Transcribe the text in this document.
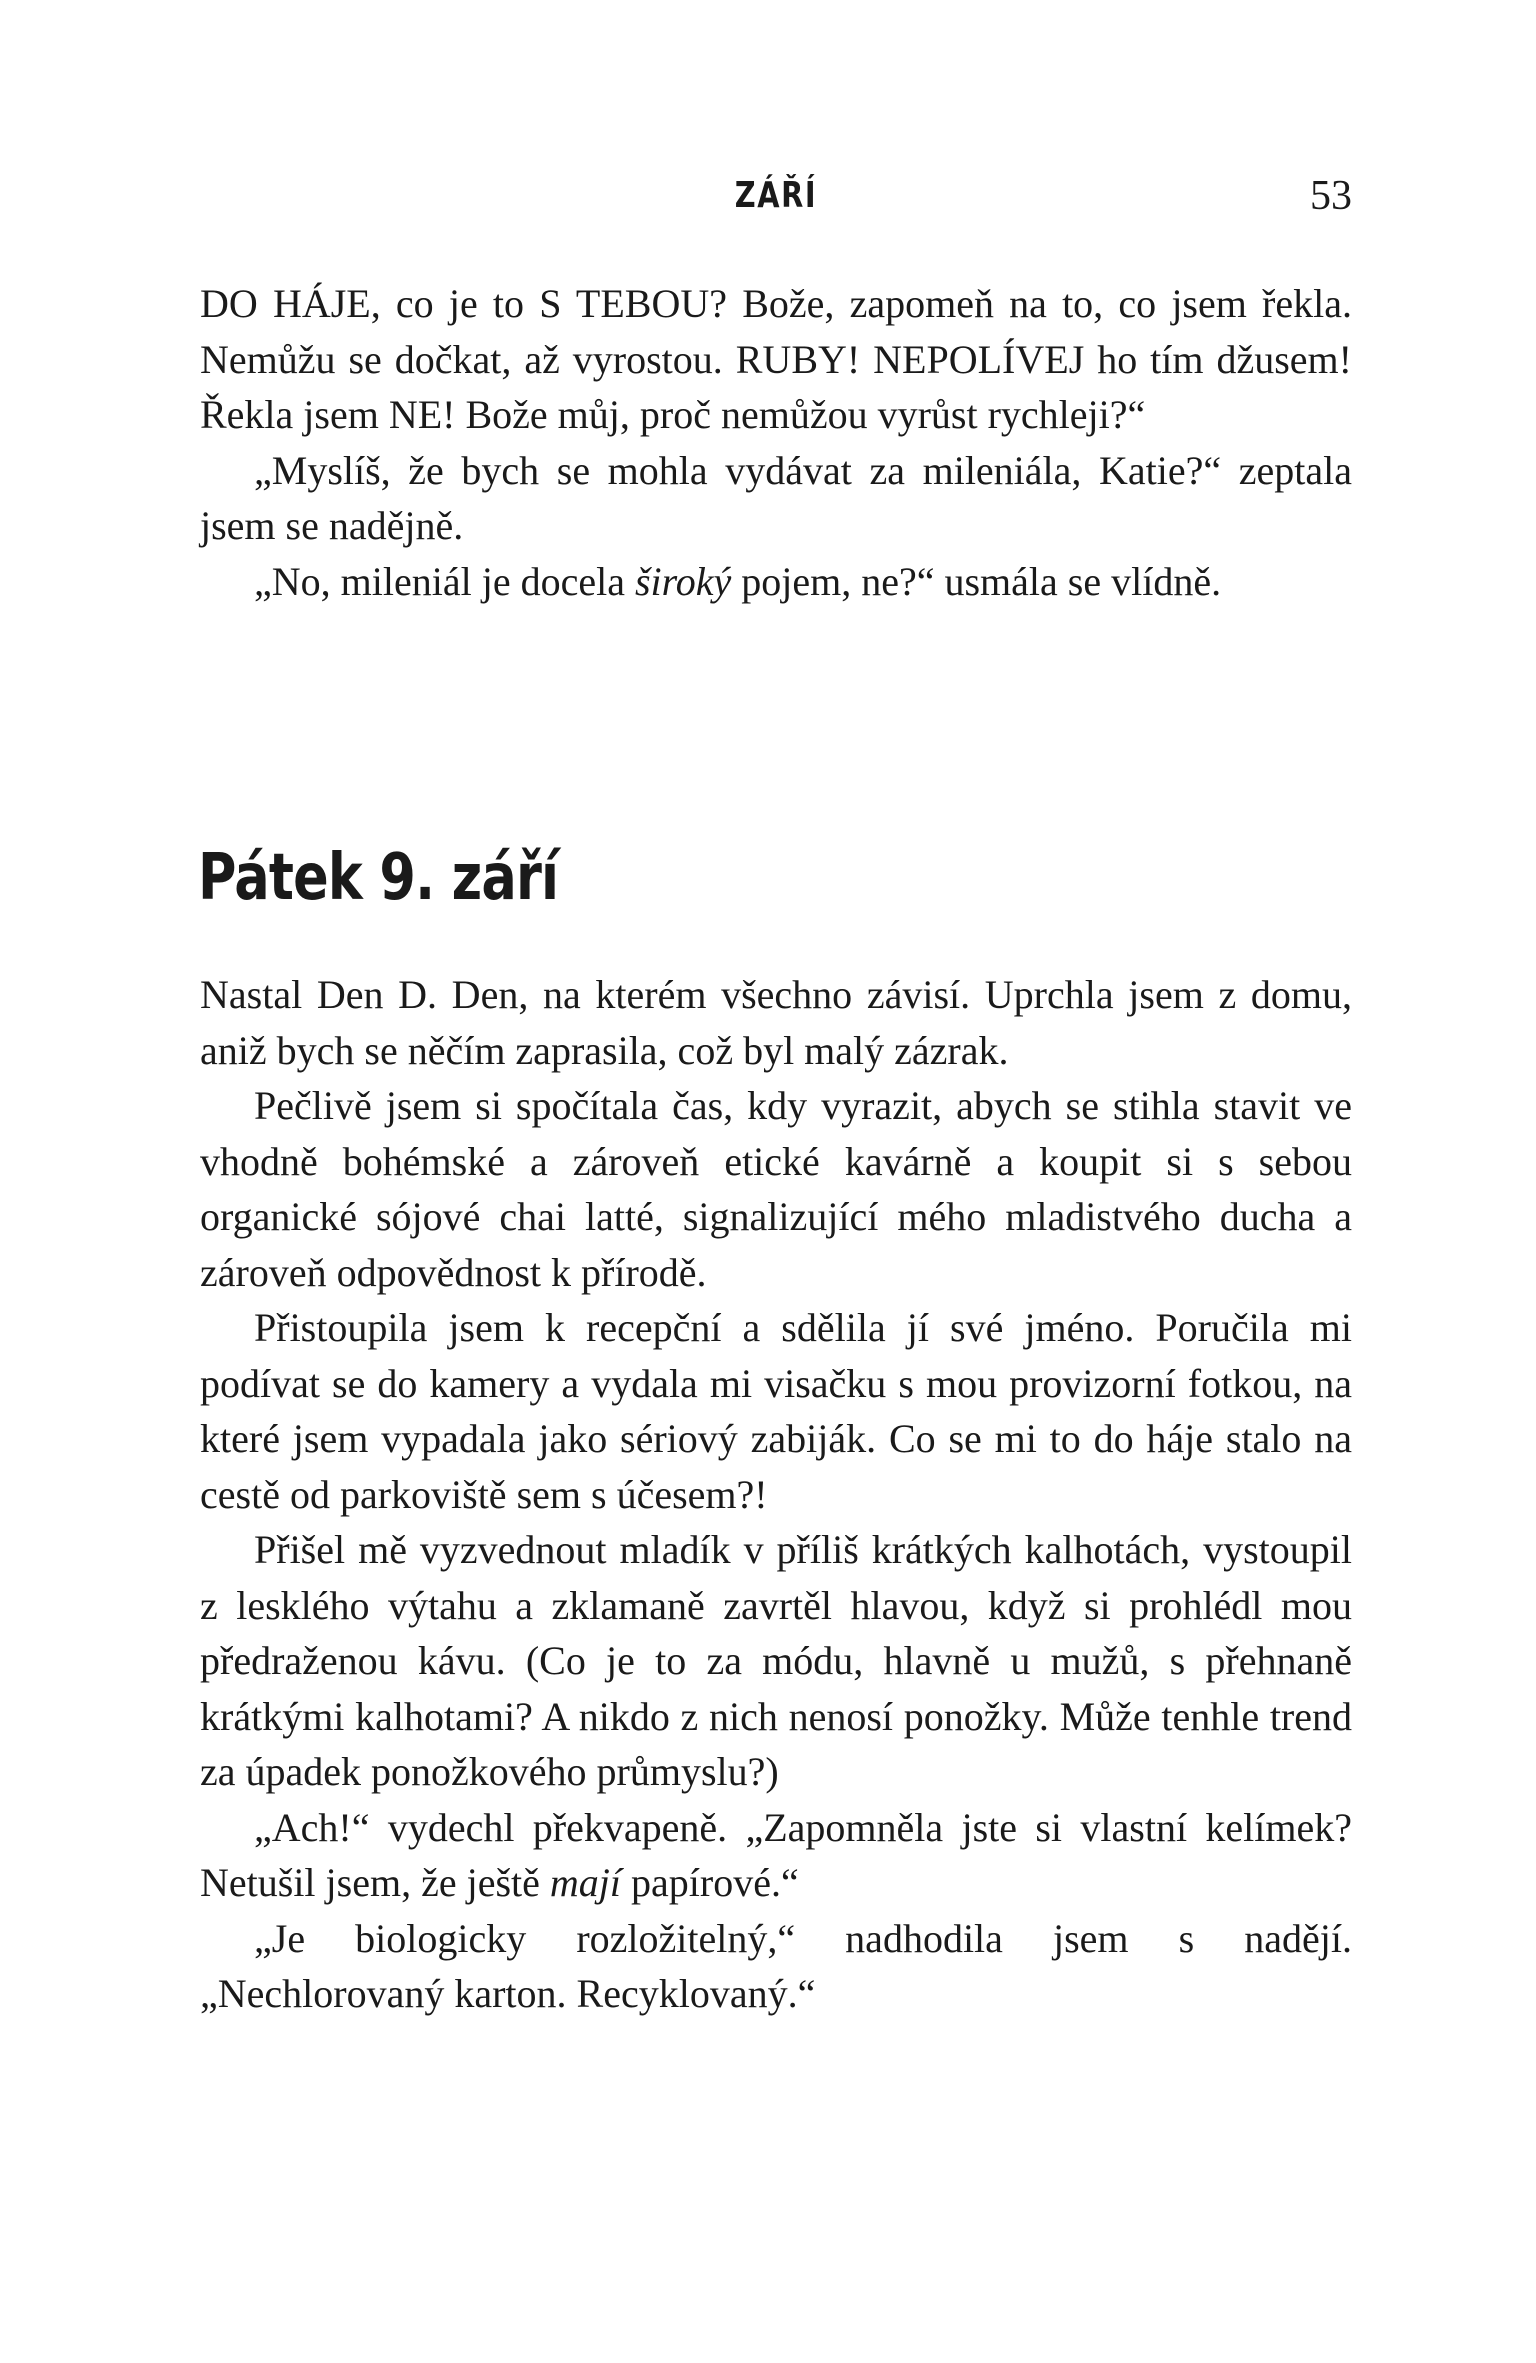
ZÁŘÍ	53

DO HÁJE, co je to S TEBOU? Bože, zapomeň na to, co jsem řekla. Nemůžu se dočkat, až vyrostou. RUBY! NEPOLÍVEJ ho tím džusem! Řekla jsem NE! Bože můj, proč nemůžou vyrůst rychleji?“

„Myslíš, že bych se mohla vydávat za mileniála, Katie?“ zeptala jsem se nadějně.

„No, mileniál je docela široký pojem, ne?“ usmála se vlídně.

Pátek 9. září

Nastal Den D. Den, na kterém všechno závisí. Uprchla jsem z domu, aniž bych se něčím zaprasila, což byl malý zázrak.

Pečlivě jsem si spočítala čas, kdy vyrazit, abych se stihla stavit ve vhodně bohémské a zároveň etické kavárně a koupit si s sebou organické sójové chai latté, signalizující mého mladistvého ducha a zároveň odpovědnost k přírodě.

Přistoupila jsem k recepční a sdělila jí své jméno. Poručila mi podívat se do kamery a vydala mi visačku s mou provizorní fotkou, na které jsem vypadala jako sériový zabiják. Co se mi to do háje stalo na cestě od parkoviště sem s účesem?!

Přišel mě vyzvednout mladík v příliš krátkých kalhotách, vystoupil z lesklého výtahu a zklamaně zavrtěl hlavou, když si prohlédl mou předraženou kávu. (Co je to za módu, hlavně u mužů, s přehnaně krátkými kalhotami? A nikdo z nich nenosí ponožky. Může tenhle trend za úpadek ponožkového průmyslu?)

„Ach!“ vydechl překvapeně. „Zapomněla jste si vlastní kelímek? Netušil jsem, že ještě mají papírové.“

„Je biologicky rozložitelný,“ nadhodila jsem s nadějí. „Nechlorovaný karton. Recyklovaný.“
